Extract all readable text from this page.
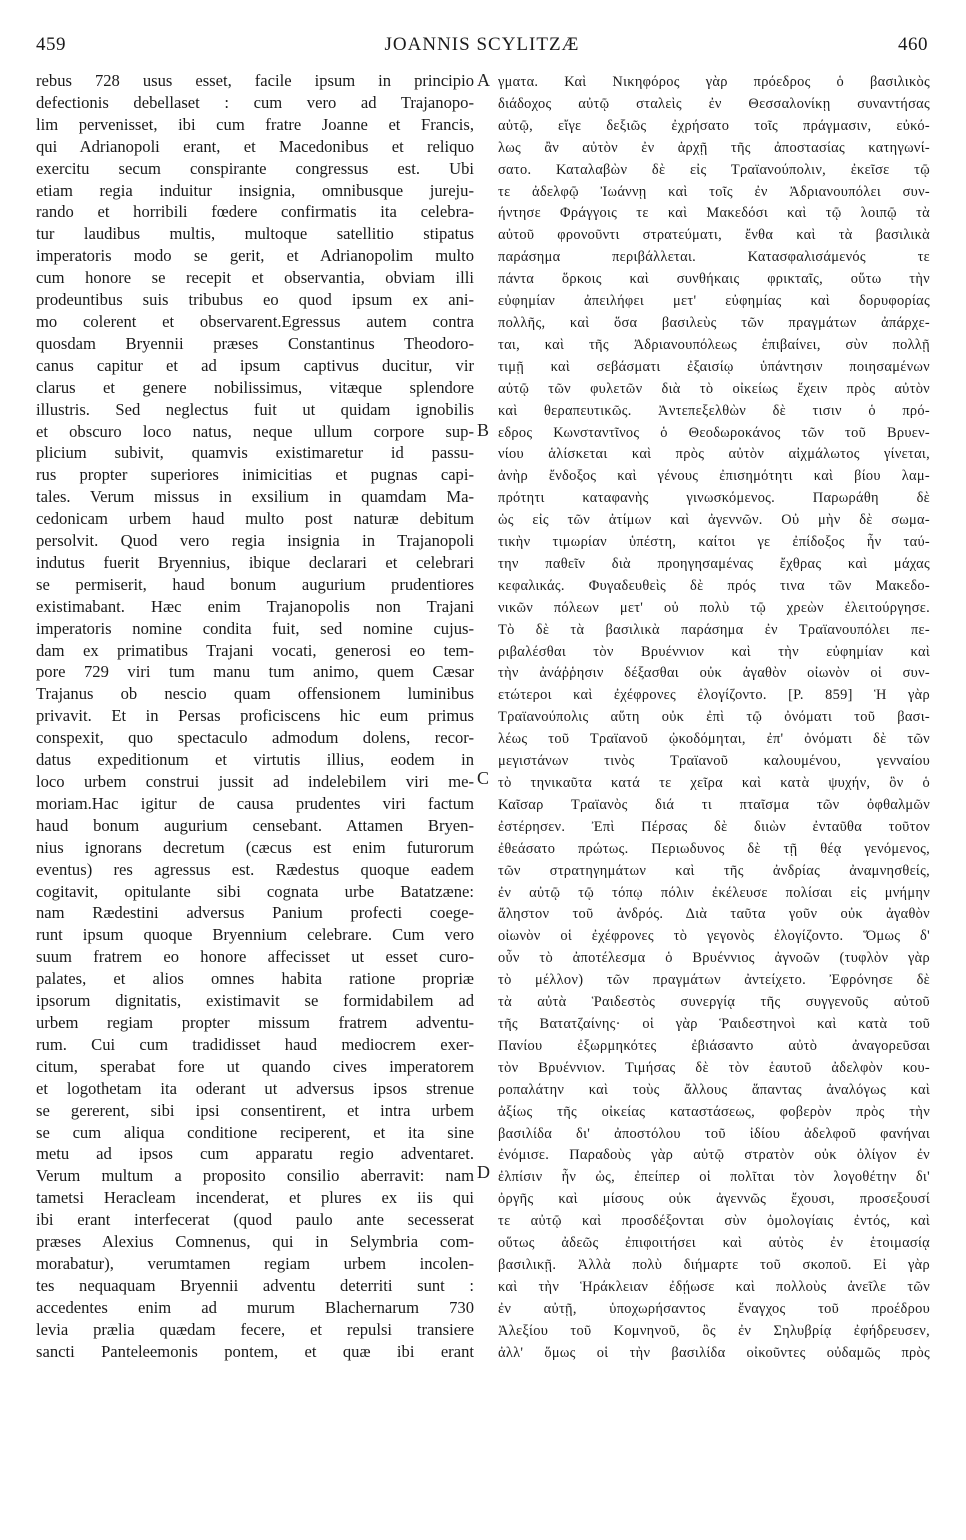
459	JOANNIS SCYLITZÆ	460
rebus 728 usus esset, facile ipsum in principio
defectionis debellaset : cum vero ad Trajanopo-
lim pervenisset, ibi cum fratre Joanne et Francis,
qui Adrianopoli erant, et Macedonibus et reliquo
exercitu secum conspirante congressus est. Ubi
etiam regia induitur insignia, omnibusque jureju-
rando et horribili fœdere confirmatis ita celebra-
tur laudibus multis, multoque satellitio stipatus
imperatoris modo se gerit, et Adrianopolim multo
cum honore se recepit et observantia, obviam illi
prodeuntibus suis tribubus eo quod ipsum ex ani-
mo colerent et observarent.Egressus autem contra
quosdam Bryennii præses Constantinus Theodoro-
canus capitur et ad ipsum captivus ducitur, vir
clarus et genere nobilissimus, vitæque splendore
illustris. Sed neglectus fuit ut quidam ignobilis
et obscuro loco natus, neque ullum corpore sup-
plicium subivit, quamvis existimaretur id passu-
rus propter superiores inimicitias et pugnas capi-
tales. Verum missus in exsilium in quamdam Ma-
cedonicam urbem haud multo post naturæ debitum
persolvit. Quod vero regia insignia in Trajanopoli
indutus fuerit Bryennius, ibique declarari et celebrari
se permiserit, haud bonum augurium prudentiores
existimabant. Hæc enim Trajanopolis non Trajani
imperatoris nomine condita fuit, sed nomine cujus-
dam ex primatibus Trajani vocati, generosi eo tem-
pore 729 viri tum manu tum animo, quem Cæsar
Trajanus ob nescio quam offensionem luminibus
privavit. Et in Persas proficiscens hic eum primus
conspexit, quo spectaculo admodum dolens, recor-
datus expeditionum et virtutis illius, eodem in
loco urbem construi jussit ad indelebilem viri me-
moriam.Hac igitur de causa prudentes viri factum
haud bonum augurium censebant. Attamen Bryen-
nius ignorans decretum (cæcus est enim futurorum
eventus) res agressus est. Rædestus quoque eadem
cogitavit, opitulante sibi cognata urbe Batatzæne:
nam Rædestini adversus Panium profecti coege-
runt ipsum quoque Bryennium celebrare. Cum vero
suum fratrem eo honore affecisset ut esset curo-
palates, et alios omnes habita ratione propriæ
ipsorum dignitatis, existimavit se formidabilem ad
urbem regiam propter missum fratrem adventu-
rum. Cui cum tradidisset haud mediocrem exer-
citum, sperabat fore ut quando cives imperatorem
et logothetam ita oderant ut adversus ipsos strenue
se gererent, sibi ipsi consentirent, et intra urbem
se cum aliqua conditione reciperent, et ita sine
metu ad ipsos cum apparatu regio adventaret.
Verum multum a proposito consilio aberravit: nam
tametsi Heracleam incenderat, et plures ex iis qui
ibi erant interfecerat (quod paulo ante secesserat
præses Alexius Comnenus, qui in Selymbria com-
morabatur), verumtamen regiam urbem incolen-
tes nequaquam Bryennii adventu deterriti sunt :
accedentes enim ad murum Blachernarum 730
levia prælia quædam fecere, et repulsi transiere
sancti Panteleemonis pontem, et quæ ibi erant
A
B
C
D
γματα. Καὶ Νικηφόρος γὰρ πρόεδρος ὁ βασιλικὸς
διάδοχος αὐτῷ σταλεὶς ἐν Θεσσαλονίκῃ συναντήσας
αὐτῷ, εἴγε δεξιῶς ἐχρήσατο τοῖς πράγμασιν, εὐκό-
λως ἂν αὐτὸν ἐν ἀρχῇ τῆς ἀποστασίας κατηγωνί-
σατο. Καταλαβὼν δὲ εἰς Τραϊανούπολιν, ἐκεῖσε τῷ
τε ἀδελφῷ Ἰωάννῃ καὶ τοῖς ἐν Ἀδριανουπόλει συν-
ήντησε Φράγγοις τε καὶ Μακεδόσι καὶ τῷ λοιπῷ τὰ
αὐτοῦ φρονοῦντι στρατεύματι, ἔνθα καὶ τὰ βασιλικὰ
παράσημα περιβάλλεται. Κατασφαλισάμενός τε
πάντα ὅρκοις καὶ συνθήκαις φρικταῖς, οὕτω τὴν
εὐφημίαν ἀπειλήφει μετ' εὐφημίας καὶ δορυφορίας
πολλῆς, καὶ ὅσα βασιλεὺς τῶν πραγμάτων ἀπάρχε-
ται, καὶ τῆς Ἀδριανουπόλεως ἐπιβαίνει, σὺν πολλῇ
τιμῇ καὶ σεβάσματι ἐξαισίῳ ὑπάντησιν ποιησαμένων
αὐτῷ τῶν φυλετῶν διὰ τὸ οἰκείως ἔχειν πρὸς αὐτὸν
καὶ θεραπευτικῶς. Ἀντεπεξελθὼν δὲ τισιν ὁ πρό-
εδρος Κωνσταντῖνος ὁ Θεοδωροκάνος τῶν τοῦ Βρυεν-
νίου ἁλίσκεται καὶ πρὸς αὐτὸν αἰχμάλωτος γίνεται,
ἀνὴρ ἔνδοξος καὶ γένους ἐπισημότητι καὶ βίου λαμ-
πρότητι καταφανὴς γινωσκόμενος. Παρωράθη δὲ
ὡς εἰς τῶν ἀτίμων καὶ ἀγεννῶν. Οὐ μὴν δὲ σωμα-
τικὴν τιμωρίαν ὑπέστη, καίτοι γε ἐπίδοξος ἦν ταύ-
την παθεῖν διὰ προηγησαμένας ἔχθρας καὶ μάχας
κεφαλικάς. Φυγαδευθεὶς δὲ πρός τινα τῶν Μακεδο-
νικῶν πόλεων μετ' οὐ πολὺ τῷ χρεὼν ἐλειτούργησε.
Τὸ δὲ τὰ βασιλικὰ παράσημα ἐν Τραϊανουπόλει πε-
ριβαλέσθαι τὸν Βρυέννιον καὶ τὴν εὐφημίαν καὶ
τὴν ἀνάῤῥησιν δέξασθαι οὐκ ἀγαθὸν οἰωνὸν οἱ συν-
ετώτεροι καὶ ἐχέφρονες ἐλογίζοντο. [P. 859] Ἡ γὰρ
Τραϊανούπολις αὕτη οὐκ ἐπὶ τῷ ὀνόματι τοῦ βασι-
λέως τοῦ Τραϊανοῦ ᾠκοδόμηται, ἐπ' ὀνόματι δὲ τῶν
μεγιστάνων τινὸς Τραϊανοῦ καλουμένου, γενναίου
τὸ τηνικαῦτα κατά τε χεῖρα καὶ κατὰ ψυχήν, ὃν ὁ
Καῖσαρ Τραϊανὸς διά τι πταῖσμα τῶν ὀφθαλμῶν
ἐστέρησεν. Ἐπὶ Πέρσας δὲ διιὼν ἐνταῦθα τοῦτον
ἐθεάσατο πρώτως. Περιωδυνος δὲ τῇ θέᾳ γενόμενος,
τῶν στρατηγημάτων καὶ τῆς ἀνδρίας ἀναμνησθείς,
ἐν αὐτῷ τῷ τόπῳ πόλιν ἐκέλευσε πολίσαι εἰς μνήμην
ἄληστον τοῦ ἀνδρός. Διὰ ταῦτα γοῦν οὐκ ἀγαθὸν
οἰωνὸν οἱ ἐχέφρονες τὸ γεγονὸς ἐλογίζοντο. Ὅμως δ'
οὖν τὸ ἀποτέλεσμα ὁ Βρυέννιος ἀγνοῶν (τυφλὸν γὰρ
τὸ μέλλον) τῶν πραγμάτων ἀντείχετο. Ἐφρόνησε δὲ
τὰ αὐτὰ Ῥαιδεστὸς συνεργίᾳ τῆς συγγενοῦς αὐτοῦ
τῆς Βατατζαίνης· οἱ γὰρ Ῥαιδεστηνοὶ καὶ κατὰ τοῦ
Πανίου ἐξωρμηκότες ἐβιάσαντο αὐτὸ ἀναγορεῦσαι
τὸν Βρυέννιον. Τιμήσας δὲ τὸν ἑαυτοῦ ἀδελφὸν κου-
ροπαλάτην καὶ τοὺς ἄλλους ἅπαντας ἀναλόγως καὶ
ἀξίως τῆς οἰκείας καταστάσεως, φοβερὸν πρὸς τὴν
βασιλίδα δι' ἀποστόλου τοῦ ἰδίου ἀδελφοῦ φανήναι
ἐνόμισε. Παραδοὺς γὰρ αὐτῷ στρατὸν οὐκ ὀλίγον ἐν
ἐλπίσιν ἦν ὡς, ἐπείπερ οἱ πολῖται τὸν λογοθέτην δι'
ὀργῆς καὶ μίσους οὐκ ἀγεννῶς ἔχουσι, προσεξουσί
τε αὐτῷ καὶ προσδέξονται σὺν ὁμολογίαις ἐντός, καὶ
οὕτως ἀδεῶς ἐπιφοιτήσει καὶ αὐτὸς ἐν ἑτοιμασίᾳ
βασιλικῇ. Ἀλλὰ πολὺ διήμαρτε τοῦ σκοποῦ. Εἰ γὰρ
καὶ τὴν Ἡράκλειαν ἐδῄωσε καὶ πολλοὺς ἀνεῖλε τῶν
ἐν αὐτῇ, ὑποχωρήσαντος ἔναγχος τοῦ προέδρου
Ἀλεξίου τοῦ Κομνηνοῦ, ὃς ἐν Σηλυβρίᾳ ἐφήδρευσεν,
ἀλλ' ὅμως οἱ τὴν βασιλίδα οἰκοῦντες οὐδαμῶς πρὸς
